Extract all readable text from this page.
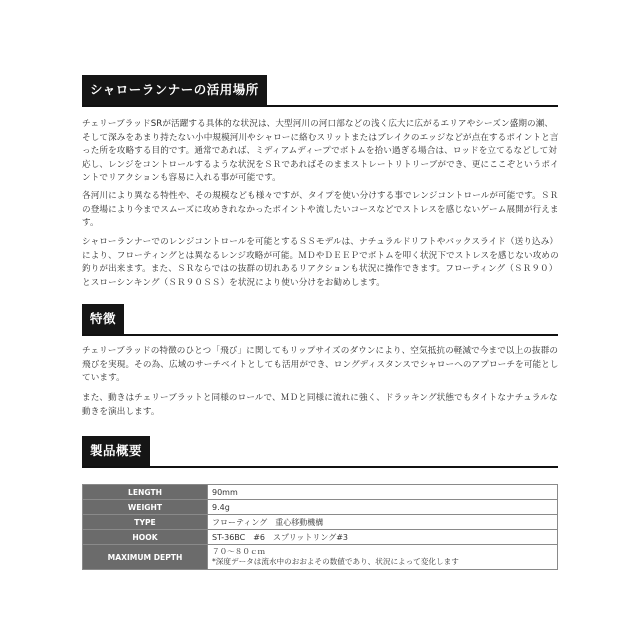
シャローランナーの活用場所

チェリーブラッドSRが活躍する具体的な状況は、大型河川の河口部などの浅く広大に広がるエリアやシーズン盛期の瀬、そして深みをあまり持たない小中規模河川やシャローに絡むスリットまたはブレイクのエッジなどが点在するポイントと言った所を攻略する目的です。通常であれば、ミディアムディープでボトムを拾い過ぎる場合は、ロッドを立てるなどして対応し、レンジをコントロールするような状況をＳＲであればそのままストレートリトリーブができ、更にここぞというポイントでリアクションも容易に入れる事が可能です。

各河川により異なる特性や、その規模なども様々ですが、タイプを使い分けする事でレンジコントロールが可能です。ＳＲの登場により今までスムーズに攻めきれなかったポイントや流したいコースなどでストレスを感じないゲーム展開が行えます。

シャローランナーでのレンジコントロールを可能とするＳＳモデルは、ナチュラルドリフトやバックスライド（送り込み）により、フローティングとは異なるレンジ攻略が可能。ＭＤやＤＥＥＰでボトムを叩く状況下でストレスを感じない攻めの釣りが出来ます。また、ＳＲならではの抜群の切れあるリアクションも状況に操作できます。フローティング（ＳＲ９０）とスローシンキング（ＳＲ９０ＳＳ）を状況により使い分けをお勧めします。

特徴

チェリーブラッドの特徴のひとつ「飛び」に関してもリップサイズのダウンにより、空気抵抗の軽減で今まで以上の抜群の飛びを実現。その為、広域のサーチベイトとしても活用ができ、ロングディスタンスでシャローへのアプローチを可能としています。

また、動きはチェリーブラットと同様のロールで、ＭＤと同様に流れに強く、ドラッキング状態でもタイトなナチュラルな動きを演出します。

製品概要
LENGTH	90mm
WEIGHT	9.4g
TYPE	フローティング　重心移動機構
HOOK	ST-36BC　#6　スプリットリング#3
MAXIMUM DEPTH	７０～８０ｃｍ
*深度データは流水中のおおよその数値であり、状況によって変化します
